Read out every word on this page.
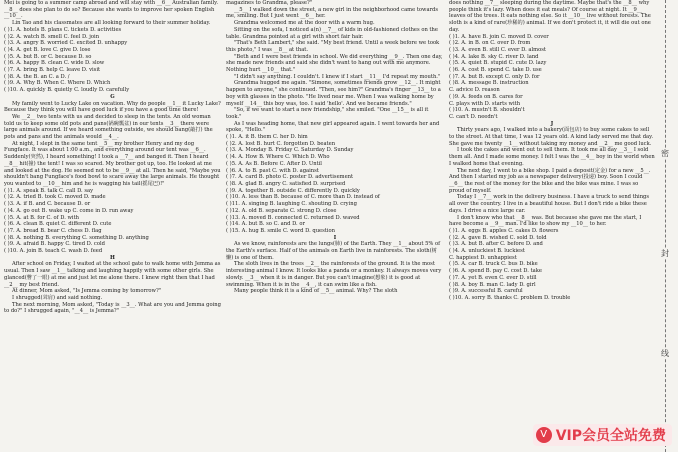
Mei is going to a summer camp abroad and will stay with __6__ Australian family. __8__ does she plan to do so? Because she wants to improve her spoken English __10__.

Lin Tao and his classmates are all looking forward to their summer holiday.

( )1. A. hotels B. plans C. tickets D. activities

( )2. A. watch B. smell C. feel D. join

( )3. A. angry B. worried C. excited D. unhappy

( )4. A. get B. love C. give D. lose

( )5. A. but B. or C. because D. so

( )6. A. happy B. clean C. wide D. slow

( )7. A. bring B. help C. leave D. visit

( )8. A. the B. an C. a D. /

( )9. A. Why B. When C. Where D. Which

( )10. A. quickly B. quietly C. loudly D. carefully

G

My family went to Lucky Lake on vacation. Why do people __1__ it Lucky Lake? Because they think you will have good luck if you have a good time there!

We __2__ two tents with us and decided to sleep in the tents. An old woman told us to keep some old pots and pans(锅碗瓢盆) in our tents __3__ there were large animals around. If we heard something outside, we should bang(敲打) the pots and pans and the animals would __4__.

At night, I slept in the same tent __5__ my brother Henry and my dog Fungface. It was about 1:00 a.m., and everything around our tent was __6__. Suddenly(突然), I heard something! I took a __7__ and banged it. Then I heard __8__ hit(撞) the tent! I was so scared. My brother got up, too. He looked at me and looked at the dog. He seemed not to be __9__ at all. Then he said, "Maybe you shouldn't bang Fungface's food bowl to scare away the large animals. He thought you wanted to __10__ him and he is wagging his tail(摇尾巴)!"

( )1. A. speak B. talk C. call D. say

( )2. A. tried B. took C. moved D. made

( )3. A. if B. and C. because D. or

( )4. A. go out B. wake up C. come in D. run away

( )5. A. at B. for C. of D. with

( )6. A. clean B. quiet C. different D. cute

( )7. A. bread B. bear C. chess D. flag

( )8. A. nothing B. everything C. something D. anything

( )9. A. afraid B. happy C. tired D. cold

( )10. A. join B. teach C. wash D. feed

H

After school on Friday, I waited at the school gate to walk home with Jemma as usual. Then I saw __1__ talking and laughing happily with some other girls. She glanced(瞥了一眼) at me and just let me alone there. I knew right then that I had __2__ my best friend.

At dinner, Mom asked, "Is Jemma coming by tomorrow?"

I shrugged(耸肩) and said nothing.

The next morning, Mom asked, "Today is __3__. What are you and Jemma going to do?" I shrugged again, "__4__ is Jemma?"

magazines to Grandma, please?"

__5__ I walked down the street, a new girl in the neighborhood came towards me, smiling. But I just went __6__ her.

Grandma welcomed me at the door with a warm hug.

Sitting on the sofa, I noticed a(n) __7__ of kids in old-fashioned clothes on the table. Grandma pointed at a girl with short fair hair.

"That's Beth Lambert," she said. "My best friend. Until a week before we took this photo," I was __8__ at that.

"Beth and I were best friends in school. We did everything __9__. Then one day, she made new friends and said she didn't want to hang out with me anymore. Nothing hurt __10__ that."

"I didn't say anything. I couldn't. I knew if I start __11__ I'd repeat my mouth."

Grandma hugged me again. "Simone, sometimes friends grow __12__. It might happen to anyone," she continued. "Then, see him?" Grandma's finger __13__ to a boy with glasses in the photo. "He lived near me. When I was walking home by myself __14__ this boy was, too. I said 'hello'. And we became friends."

"So, if we want to start a new friendship," she smiled. "One __15__ is all it took."

As I was heading home, that new girl appeared again. I went towards her and spoke, "Hello."

( )1. A. it B. them C. her D. him

( )2. A. lost B. hurt C. forgotten D. beaten

( )3. A. Monday B. Friday C. Saturday D. Sunday

( )4. A. How B. Where C. Which D. Who

( )5. A. As B. Before C. After D. Until

( )6. A. to B. past C. with D. against

( )7. A. card B. photo C. poster D. advertisement

( )8. A. glad B. angry C. satisfied D. surprised

( )9. A. together B. outside C. differently D. quickly

( )10. A. less than B. because of C. more than D. instead of

( )11. A. singing B. laughing C. shouting D. crying

( )12. A. old B. separate C. strong D. close

( )13. A. moved B. connected C. returned D. waved

( )14. A. but B. so C. and D. or

( )15. A. hug B. smile C. word D. question

I

As we know, rainforests are the lungs(肺) of the Earth. They __1__ about 5% of the Earth's surface. Half of the animals on Earth live in rainforests. The sloth(树懒) is one of them.

The sloth lives in the trees __2__ the rainforests of the ground. It is the most interesting animal I know. It looks like a panda or a monkey. It always moves very slowly. __3__ when it is in danger. But you can't imagine(想象) it is good at swimming. When it is in the __4__, it can swim like a fish.

Many people think it is a kind of __5__ animal. Why? The sloth

does nothing __7__ sleeping during the daytime. Maybe that's the __8__ why people think it's lazy. When does it eat meals? Of course at night. It __9__ leaves of the trees. It eats nothing else. So it __10__ live without forests. The sloth is a kind of rare(珍稀的) animal. If we don't protect it, it will die out one day.

( )1. A. have B. join C. moved D. cover

( )2. A. in B. on C. over D. from

( )3. A. even B. still C. ever D. almost

( )4. A. lake B. sky C. river D. land

( )5. A. quiet B. stupid C. cute D. lazy

( )6. A. cost B. spend C. take D. use

( )7. A. but B. except C. only D. for

( )8. A. message B. instruction

C. advice D. reason

( )9. A. feeds on B. cares for

C. plays with D. starts with

( )10. A. mustn't B. shouldn't

C. can't D. needn't

J

Thirty years ago, I walked into a bakery(面包店) to buy some cakes to sell to the street. At that time, I was 12 years old. A kind lady served me that day. She gave me twenty __1__ without taking my money and __2__ me good luck.

I took the cakes and went out to sell them. It took me all day __3__ I sold them all. And I made some money. I felt I was the __4__ boy in the world when I walked home that evening.

The next day, I went to a bike shop. I paid a deposit(定金) for a new __5__. And then I started my job as a newspaper delivery(投递) boy. Soon I could __6__ the rest of the money for the bike and the bike was mine. I was so proud of myself.

Today I __7__ work in the delivery business. I have a truck to send things all over the country. I live in a beautiful house. But I don't ride a bike these days. I drive a nice large car.

I don't know who that __8__ was. But because she gave me the start, I have become a __9__ man. I'd like to show my __10__ to her.

( )1. A. eggs B. apples C. cakes D. flowers

( )2. A. gave B. wished C. sold D. told

( )3. A. but B. after C. before D. and

( )4. A. unluckiest B. luckiest

C. happiest D. unhappiest

( )5. A. car B. truck C. bus D. bike

( )6. A. spend B. pay C. cost D. take

( )7. A. yet B. even C. ever D. still

( )8. A. boy B. man C. lady D. girl

( )9. A. successful B. careful

( )10. A. sorry B. thanks C. problem D. trouble

密
封
线
V VIP会员全站免费
